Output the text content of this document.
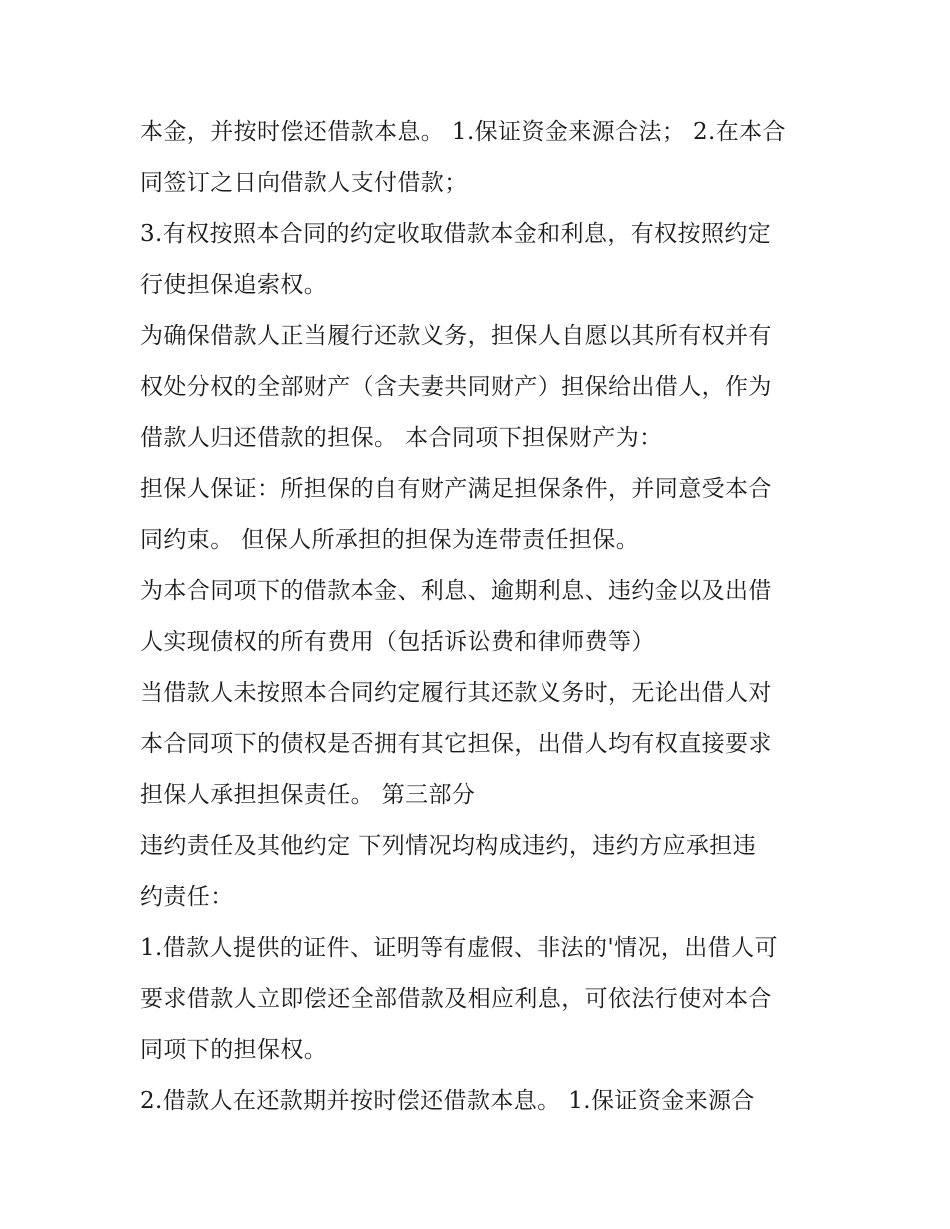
本金，并按时偿还借款本息。 1.保证资金来源合法； 2.在本合
同签订之日向借款人支付借款；
3.有权按照本合同的约定收取借款本金和利息，有权按照约定
行使担保追索权。
为确保借款人正当履行还款义务，担保人自愿以其所有权并有
权处分权的全部财产（含夫妻共同财产）担保给出借人，作为
借款人归还借款的担保。 本合同项下担保财产为：
担保人保证：所担保的自有财产满足担保条件，并同意受本合
同约束。 但保人所承担的担保为连带责任担保。
为本合同项下的借款本金、利息、逾期利息、违约金以及出借
人实现债权的所有费用（包括诉讼费和律师费等）
当借款人未按照本合同约定履行其还款义务时，无论出借人对
本合同项下的债权是否拥有其它担保，出借人均有权直接要求
担保人承担担保责任。 第三部分
违约责任及其他约定 下列情况均构成违约，违约方应承担违
约责任：
1.借款人提供的证件、证明等有虚假、非法的'情况，出借人可
要求借款人立即偿还全部借款及相应利息，可依法行使对本合
同项下的担保权。
2.借款人在还款期并按时偿还借款本息。 1.保证资金来源合
